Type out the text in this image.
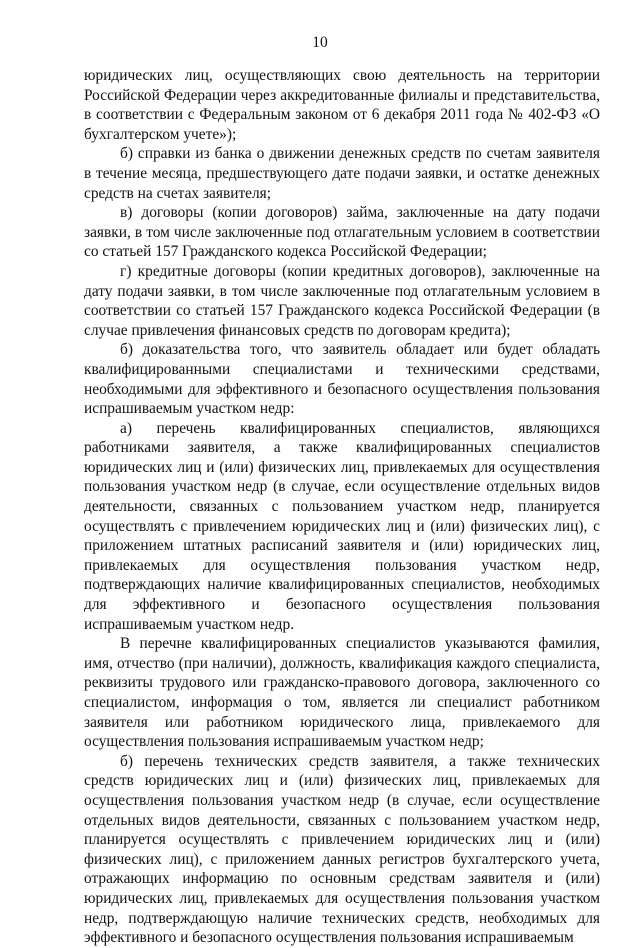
10

юридических лиц, осуществляющих свою деятельность на территории Российской Федерации через аккредитованные филиалы и представительства, в соответствии с Федеральным законом от 6 декабря 2011 года № 402-ФЗ «О бухгалтерском учете»);

б) справки из банка о движении денежных средств по счетам заявителя в течение месяца, предшествующего дате подачи заявки, и остатке денежных средств на счетах заявителя;

в) договоры (копии договоров) займа, заключенные на дату подачи заявки, в том числе заключенные под отлагательным условием в соответствии со статьей 157 Гражданского кодекса Российской Федерации;

г) кредитные договоры (копии кредитных договоров), заключенные на дату подачи заявки, в том числе заключенные под отлагательным условием в соответствии со статьей 157 Гражданского кодекса Российской Федерации (в случае привлечения финансовых средств по договорам кредита);

б) доказательства того, что заявитель обладает или будет обладать квалифицированными специалистами и техническими средствами, необходимыми для эффективного и безопасного осуществления пользования испрашиваемым участком недр:

а) перечень квалифицированных специалистов, являющихся работниками заявителя, а также квалифицированных специалистов юридических лиц и (или) физических лиц, привлекаемых для осуществления пользования участком недр (в случае, если осуществление отдельных видов деятельности, связанных с пользованием участком недр, планируется осуществлять с привлечением юридических лиц и (или) физических лиц), с приложением штатных расписаний заявителя и (или) юридических лиц, привлекаемых для осуществления пользования участком недр, подтверждающих наличие квалифицированных специалистов, необходимых для эффективного и безопасного осуществления пользования испрашиваемым участком недр.

В перечне квалифицированных специалистов указываются фамилия, имя, отчество (при наличии), должность, квалификация каждого специалиста, реквизиты трудового или гражданско-правового договора, заключенного со специалистом, информация о том, является ли специалист работником заявителя или работником юридического лица, привлекаемого для осуществления пользования испрашиваемым участком недр;

б) перечень технических средств заявителя, а также технических средств юридических лиц и (или) физических лиц, привлекаемых для осуществления пользования участком недр (в случае, если осуществление отдельных видов деятельности, связанных с пользованием участком недр, планируется осуществлять с привлечением юридических лиц и (или) физических лиц), с приложением данных регистров бухгалтерского учета, отражающих информацию по основным средствам заявителя и (или) юридических лиц, привлекаемых для осуществления пользования участком недр, подтверждающую наличие технических средств, необходимых для эффективного и безопасного осуществления пользования испрашиваемым
